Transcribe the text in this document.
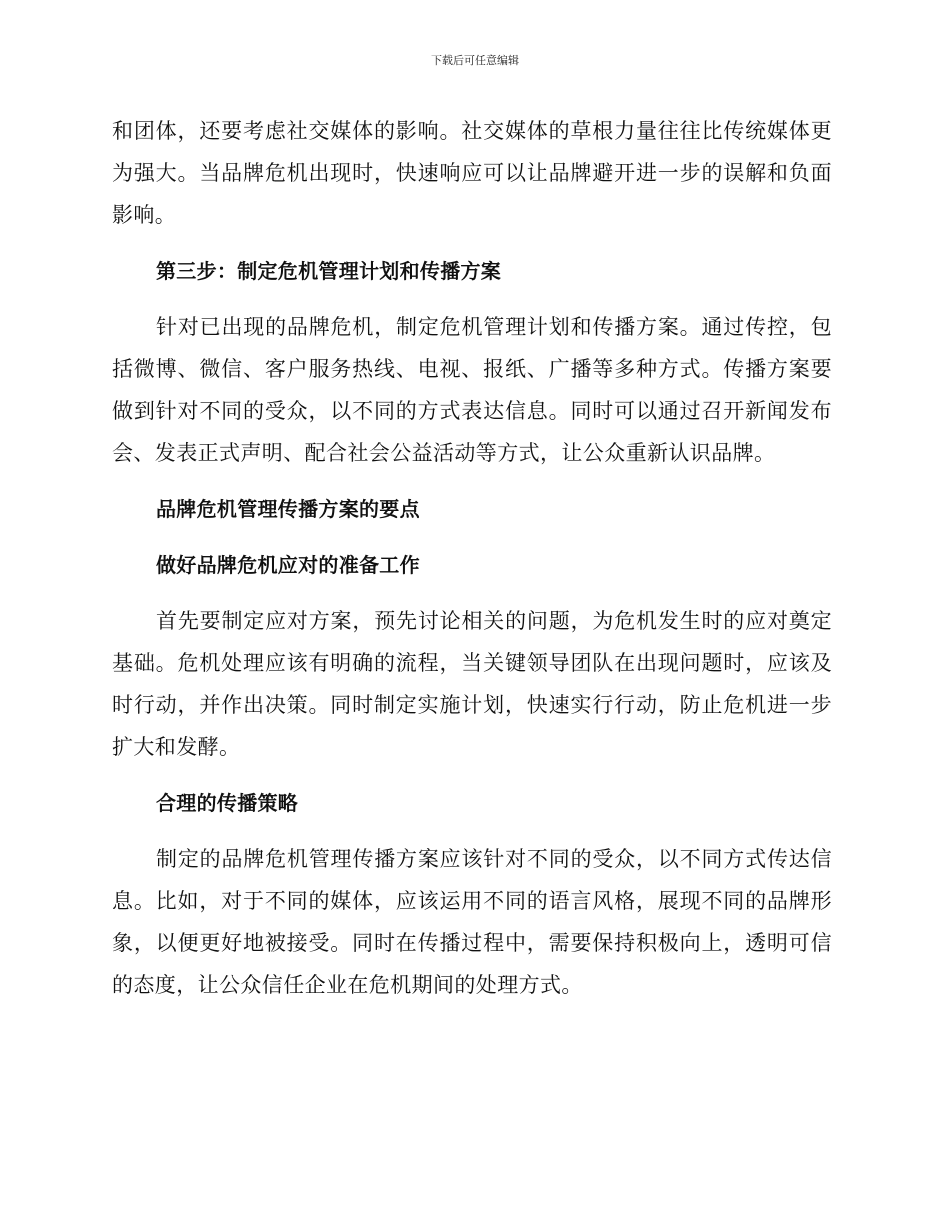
下载后可任意编辑

和团体，还要考虑社交媒体的影响。社交媒体的草根力量往往比传统媒体更为强大。当品牌危机出现时，快速响应可以让品牌避开进一步的误解和负面影响。

第三步：制定危机管理计划和传播方案

针对已出现的品牌危机，制定危机管理计划和传播方案。通过传控，包括微博、微信、客户服务热线、电视、报纸、广播等多种方式。传播方案要做到针对不同的受众，以不同的方式表达信息。同时可以通过召开新闻发布会、发表正式声明、配合社会公益活动等方式，让公众重新认识品牌。

品牌危机管理传播方案的要点
做好品牌危机应对的准备工作

首先要制定应对方案，预先讨论相关的问题，为危机发生时的应对奠定基础。危机处理应该有明确的流程，当关键领导团队在出现问题时，应该及时行动，并作出决策。同时制定实施计划，快速实行行动，防止危机进一步扩大和发酵。

合理的传播策略

制定的品牌危机管理传播方案应该针对不同的受众，以不同方式传达信息。比如，对于不同的媒体，应该运用不同的语言风格，展现不同的品牌形象，以便更好地被接受。同时在传播过程中，需要保持积极向上，透明可信的态度，让公众信任企业在危机期间的处理方式。
